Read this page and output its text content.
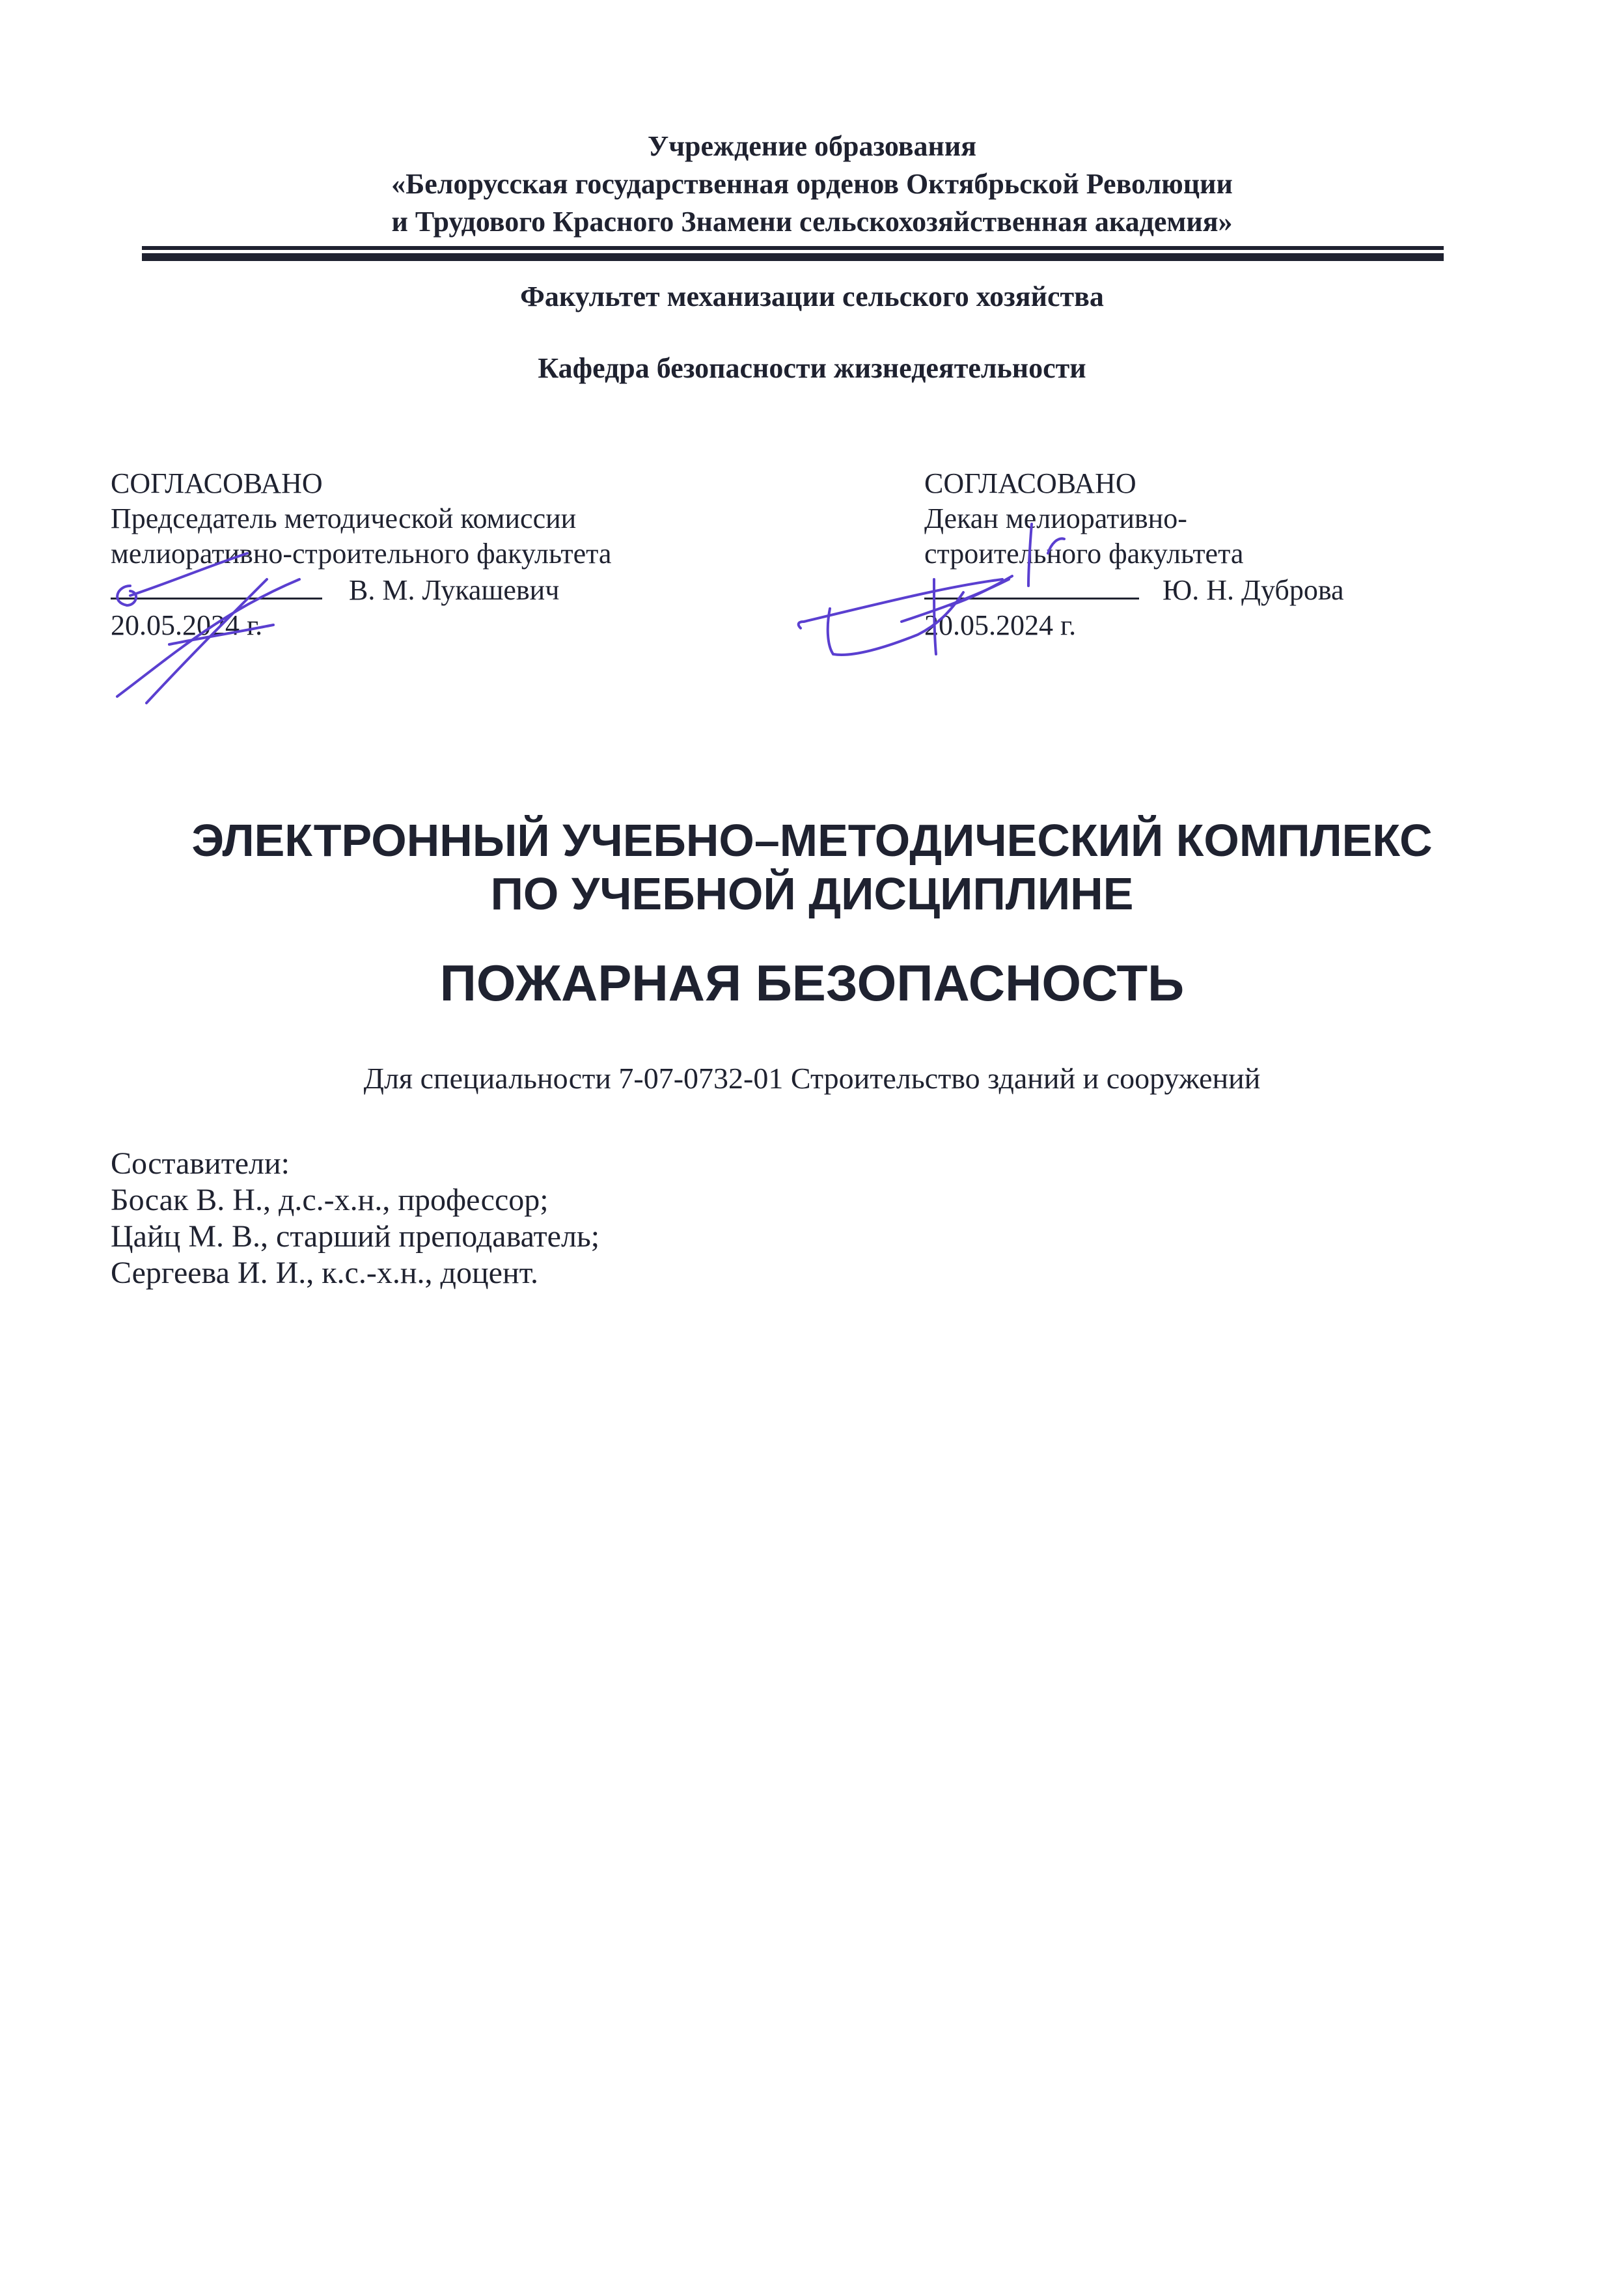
Учреждение образования
«Белорусская государственная орденов Октябрьской Революции
и Трудового Красного Знамени сельскохозяйственная академия»
Факультет механизации сельского хозяйства
Кафедра безопасности жизнедеятельности
СОГЛАСОВАНО
Председатель методической комиссии
мелиоративно-строительного факультета
В. М. Лукашевич
20.05.2024 г.
СОГЛАСОВАНО
Декан мелиоративно-
строительного факультета
Ю. Н. Дуброва
20.05.2024 г.
ЭЛЕКТРОННЫЙ УЧЕБНО–МЕТОДИЧЕСКИЙ КОМПЛЕКС
ПО УЧЕБНОЙ ДИСЦИПЛИНЕ
ПОЖАРНАЯ БЕЗОПАСНОСТЬ
Для специальности 7-07-0732-01 Строительство зданий и сооружений
Составители:
Босак В. Н., д.с.-х.н., профессор;
Цайц М. В., старший преподаватель;
Сергеева И. И., к.с.-х.н., доцент.
